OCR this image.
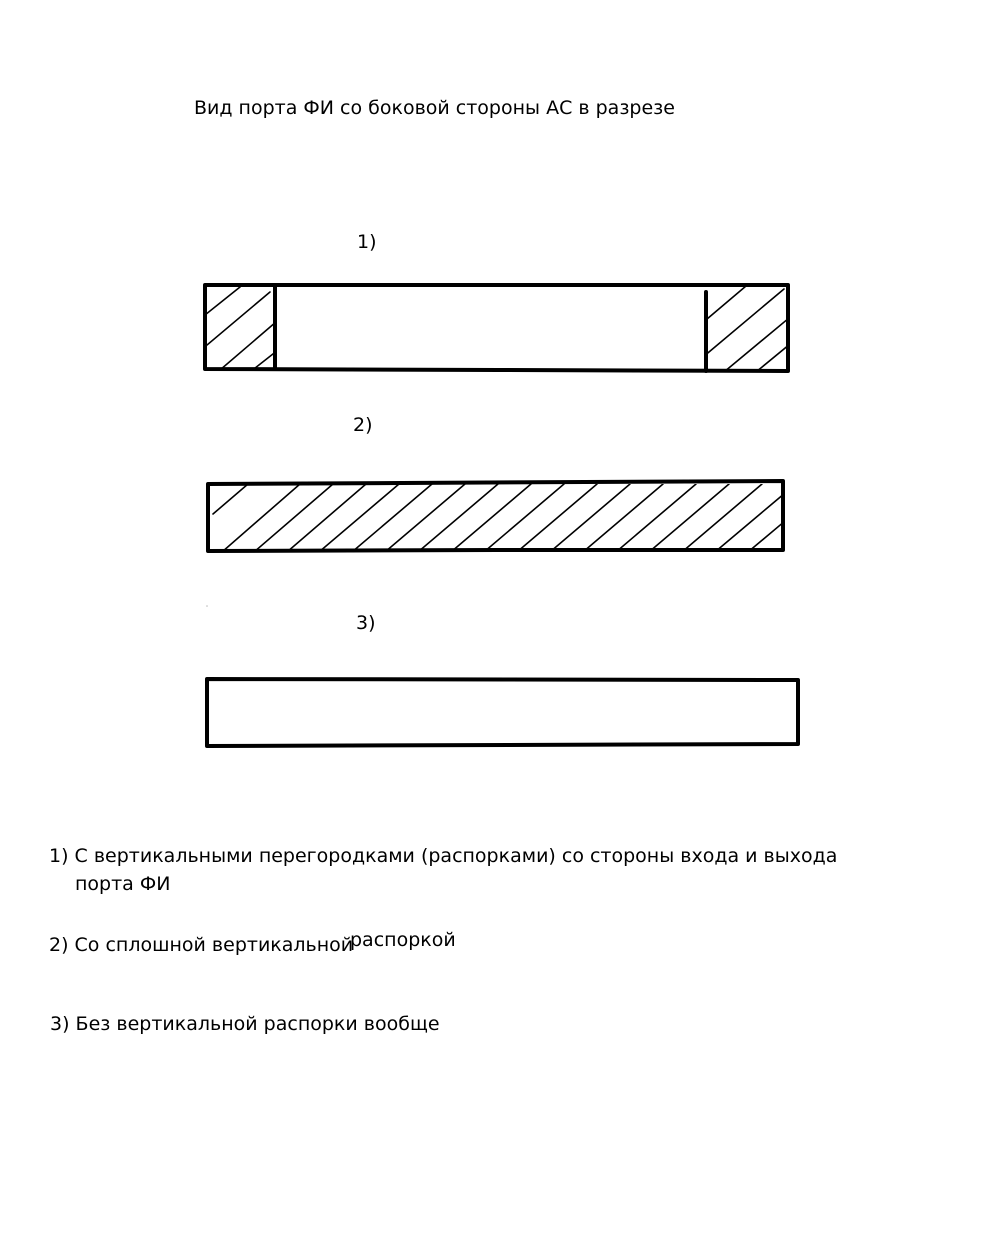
Вид порта ФИ со боковой стороны АС в разрезе
1)
2)
3)
1) С вертикальными перегородками (распорками) со стороны входа и выхода
порта ФИ
2) Со сплошной вертикальной
распоркой
3) Без вертикальной распорки вообще
